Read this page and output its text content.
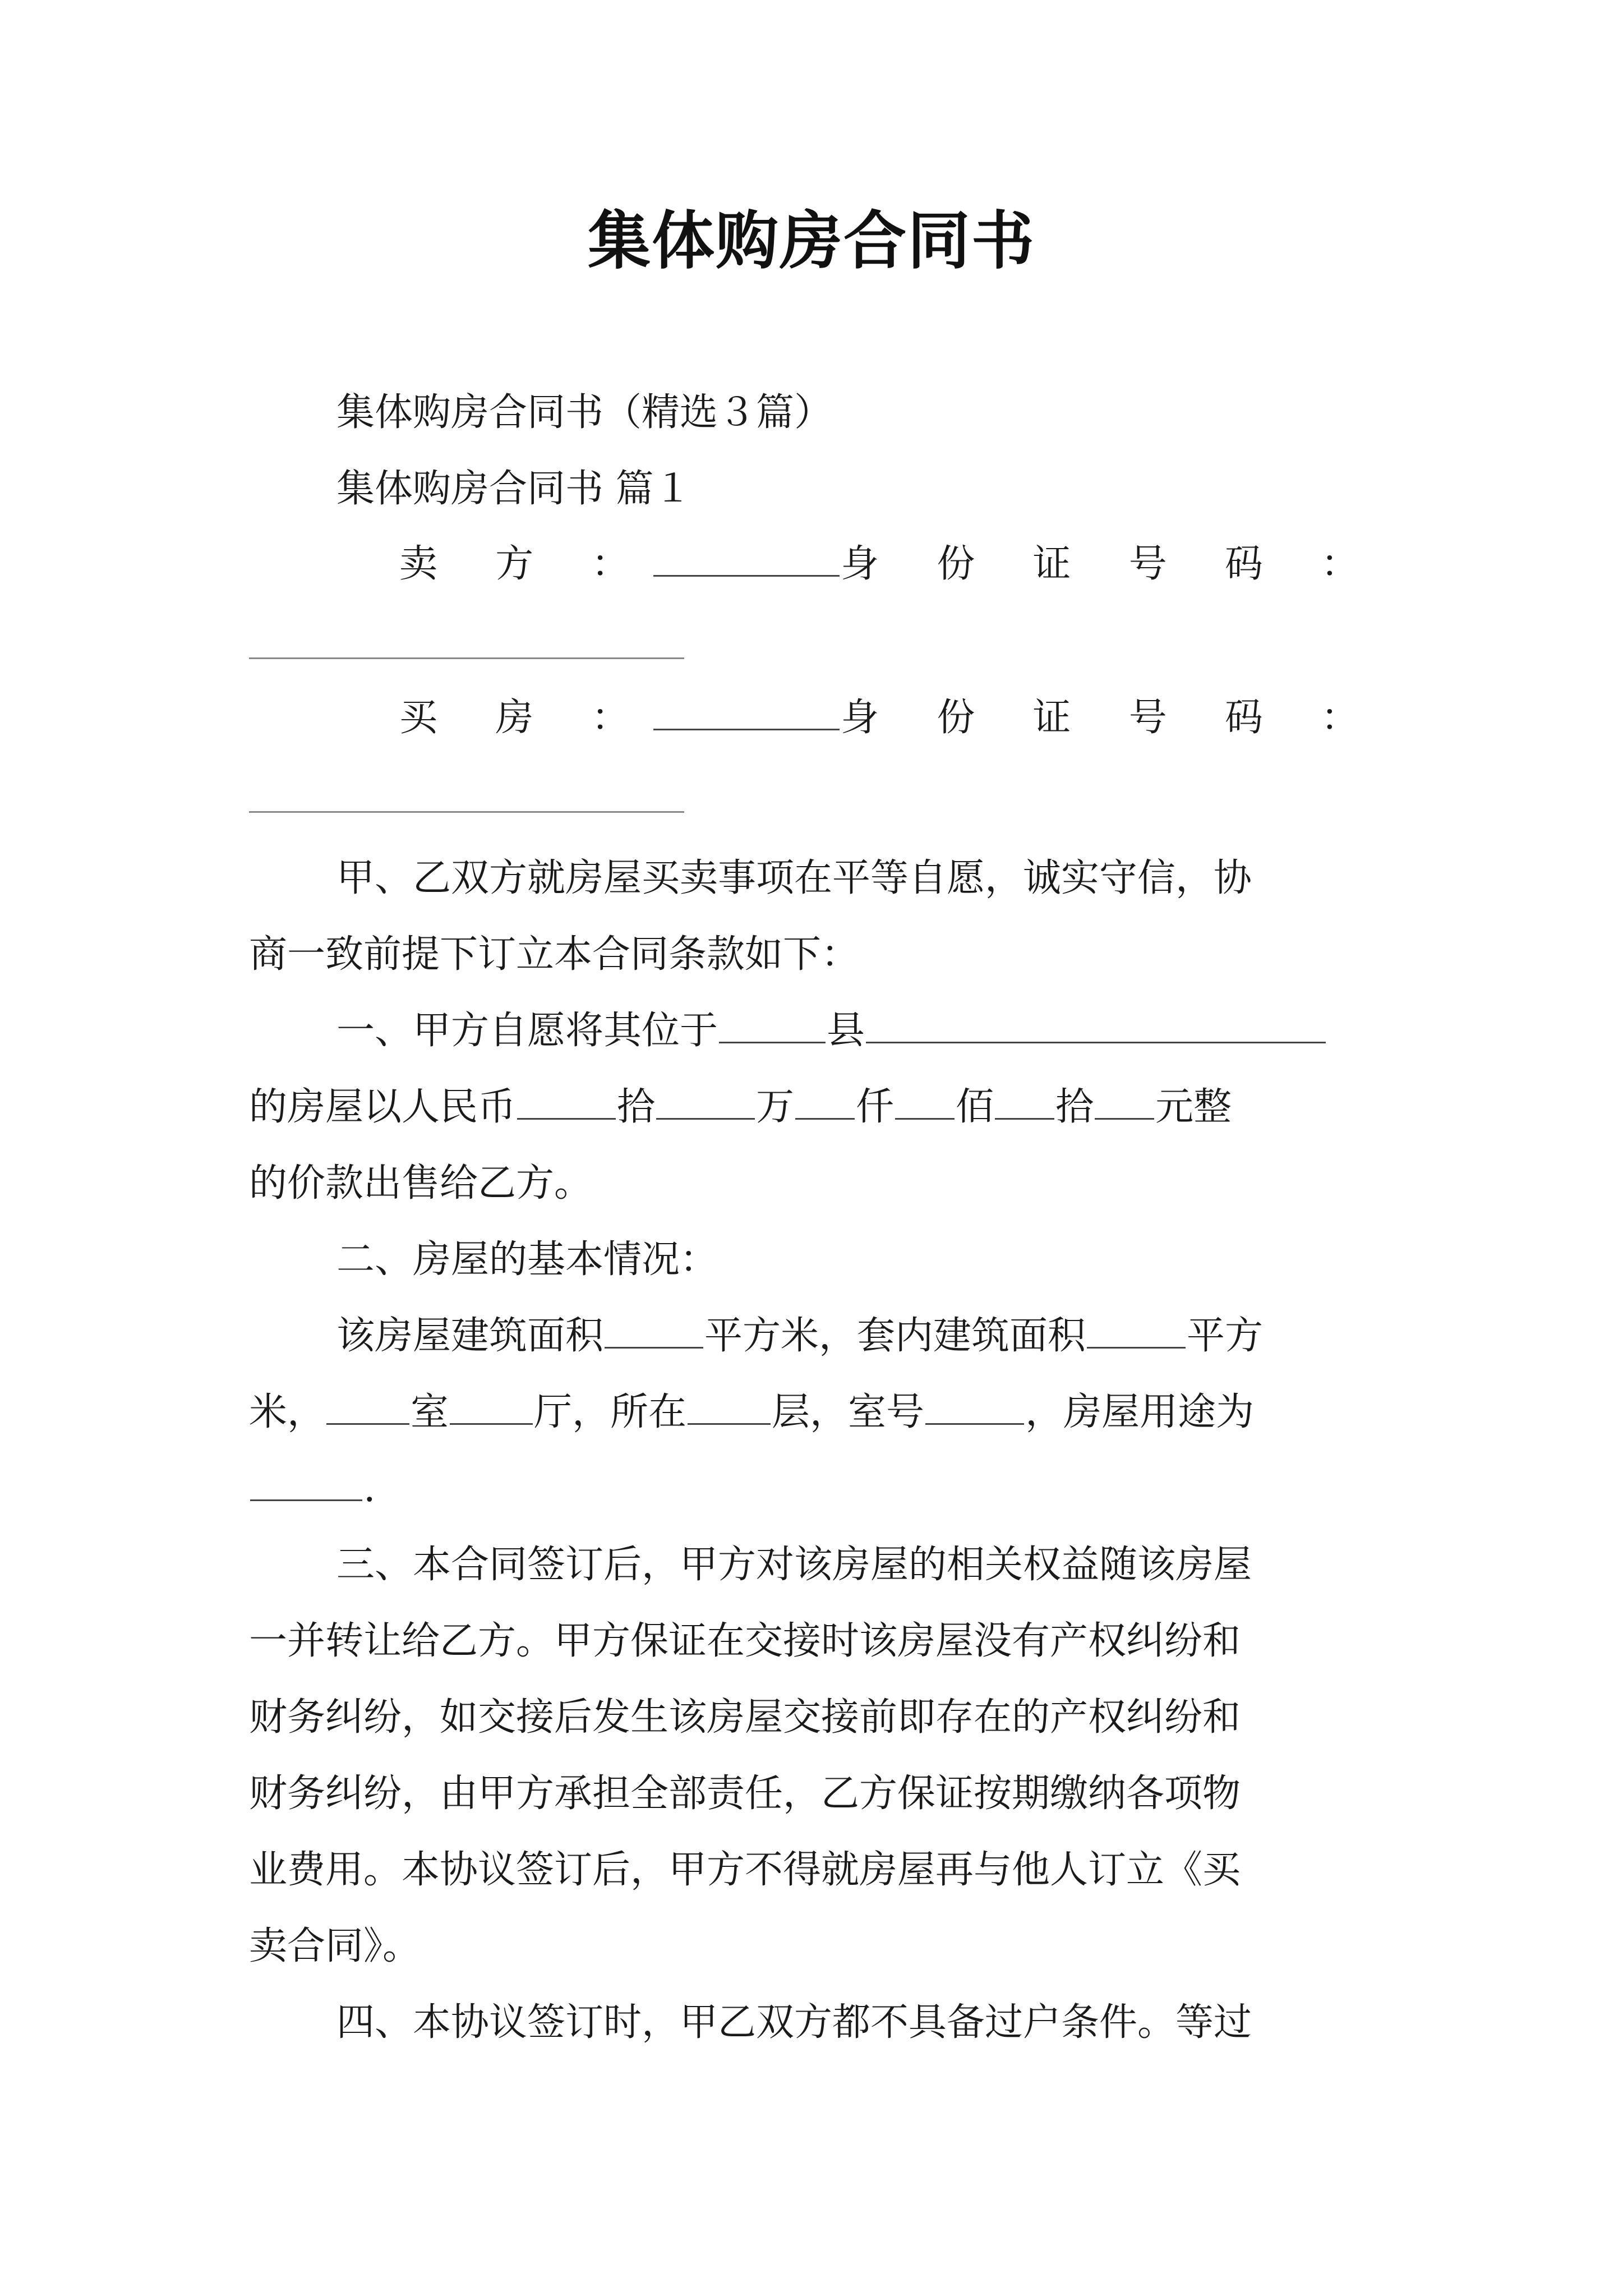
集体购房合同书
集体购房合同书（精选３篇）
集体购房合同书 篇１
卖 方 ：	身 份 证 号 码 ：
买 房 ：	身 份 证 号 码 ：
甲、乙双方就房屋买卖事项在平等自愿，诚实守信，协
商一致前提下订立本合同条款如下：
一、甲方自愿将其位于	县
的房屋以人民币	拾	万 仟 佰 拾 元整
的价款出售给乙方。
二、房屋的基本情况：
该房屋建筑面积	平方米，套内建筑面积	平方
米， 室 厅，所在 层，室号	，房屋用途为
.
三、本合同签订后，甲方对该房屋的相关权益随该房屋
一并转让给乙方。甲方保证在交接时该房屋没有产权纠纷和
财务纠纷，如交接后发生该房屋交接前即存在的产权纠纷和
财务纠纷，由甲方承担全部责任，乙方保证按期缴纳各项物
业费用。本协议签订后，甲方不得就房屋再与他人订立《买
卖合同》。
四、本协议签订时，甲乙双方都不具备过户条件。等过
